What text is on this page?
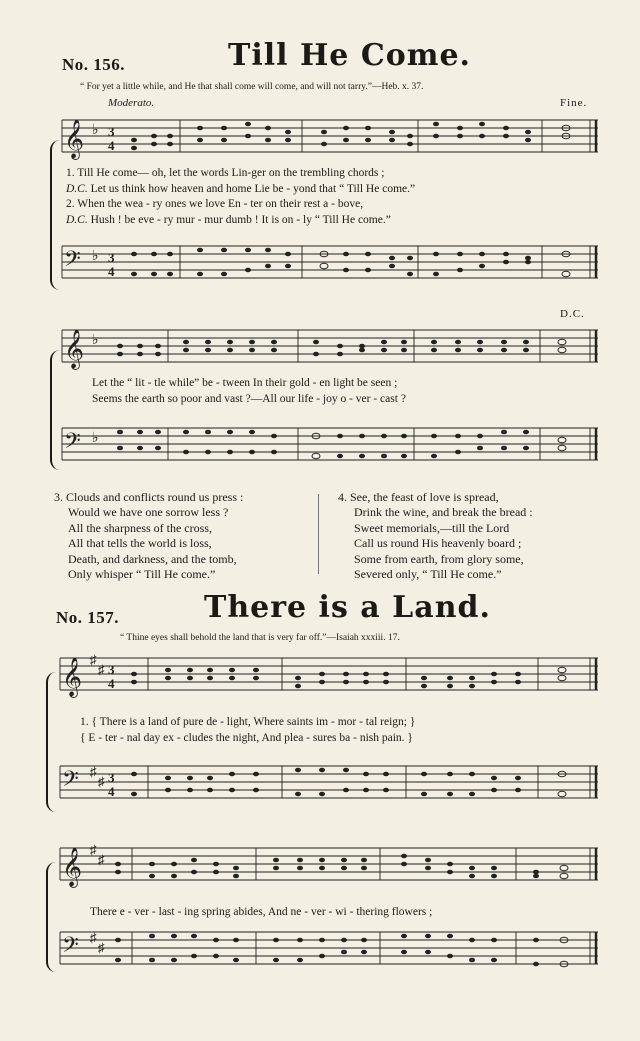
No. 156.	Till He Come.
“ For yet a little while, and He that shall come will come, and will not tarry.”—Heb. x. 37.
Moderato.	Fine.
𝄞 ♭ 3
4
1. Till He come— oh, let the words Lin-ger on the trembling chords ;
D.C. Let us think how heaven and home Lie be - yond that “ Till He come.”
2. When the wea - ry ones we love En - ter on their rest a - bove,
D.C. Hush ! be eve - ry mur - mur dumb ! It is on - ly “ Till He come.”
𝄢 ♭ 3
4
D.C.
𝄞 ♭
Let the “ lit - tle while” be - tween In their gold - en light be seen ;
Seems the earth so poor and vast ?—All our life - joy o - ver - cast ?
𝄢 ♭
3. Clouds and conflicts round us press :
Would we have one sorrow less ?
All the sharpness of the cross,
All that tells the world is loss,
Death, and darkness, and the tomb,
Only whisper “ Till He come.”
4. See, the feast of love is spread,
Drink the wine, and break the bread :
Sweet memorials,—till the Lord
Call us round His heavenly board ;
Some from earth, from glory some,
Severed only, “ Till He come.”
No. 157.	There is a Land.
“ Thine eyes shall behold the land that is very far off.”—Isaiah xxxiii. 17.
𝄞 ♯
♯ 3
4
1. { There is a land of pure de - light, Where saints im - mor - tal reign; }
{ E - ter - nal day ex - cludes the night, And plea - sures ba - nish pain. }
𝄢 ♯
♯ 3
4
𝄞 ♯
♯
There e - ver - last - ing spring abides, And ne - ver - wi - thering flowers ;
𝄢 ♯
♯
